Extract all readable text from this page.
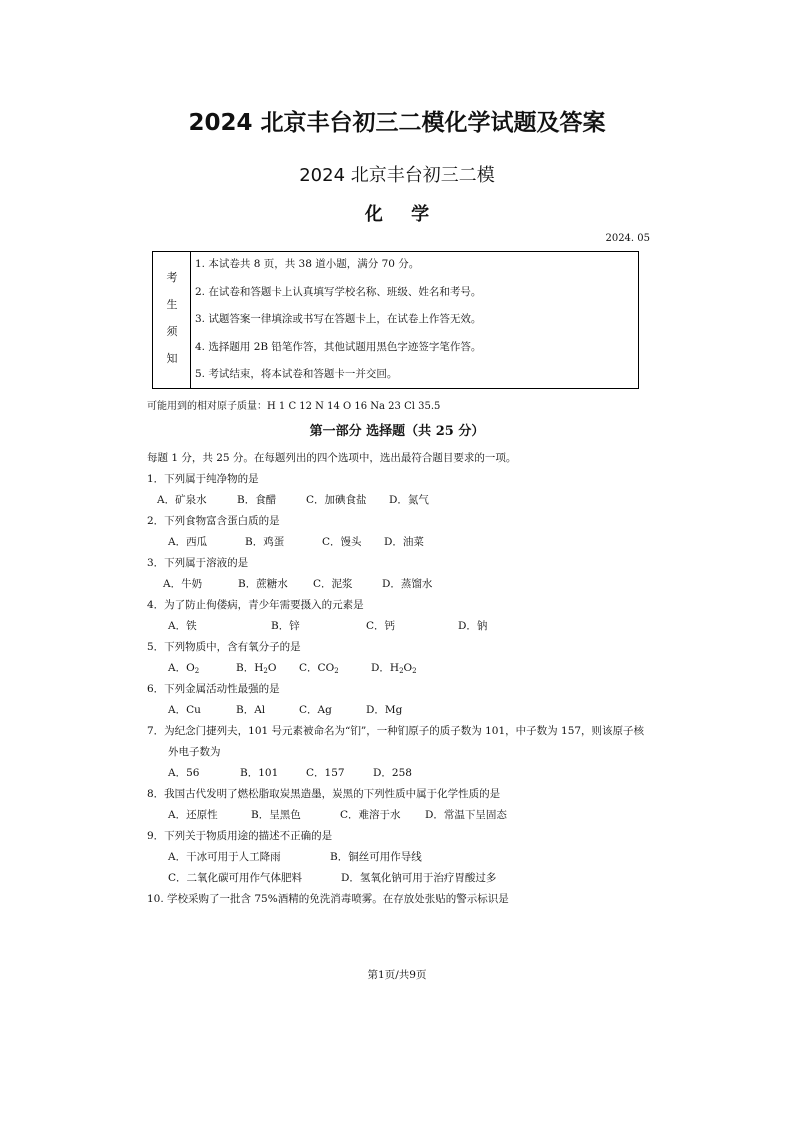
2024 北京丰台初三二模化学试题及答案
2024 北京丰台初三二模
化 学
2024. 05
考
生
须
知
1. 本试卷共 8 页，共 38 道小题，满分 70 分。
2. 在试卷和答题卡上认真填写学校名称、班级、姓名和考号。
3. 试题答案一律填涂或书写在答题卡上，在试卷上作答无效。
4. 选择题用 2B 铅笔作答，其他试题用黑色字迹签字笔作答。
5. 考试结束，将本试卷和答题卡一并交回。
可能用到的相对原子质量：H 1 C 12 N 14 O 16 Na 23 Cl 35.5
第一部分 选择题（共 25 分）
每题 1 分，共 25 分。在每题列出的四个选项中，选出最符合题目要求的一项。
1．下列属于纯净物的是
A．矿泉水	B．食醋	C．加碘食盐 D．氮气
2．下列食物富含蛋白质的是
A．西瓜	B．鸡蛋	C．馒头 D．油菜
3．下列属于溶液的是
A．牛奶	B．蔗糖水 C．泥浆	D．蒸馏水
4．为了防止佝偻病，青少年需要摄入的元素是
A．铁	B．锌	C．钙	D．钠
5．下列物质中，含有氧分子的是
A．$O_2$	B．$H_2O$ C．$CO_2$	D．$H_2O_2$
6．下列金属活动性最强的是
A．Cu	B．Al	C．Ag	D．Mg
7．为纪念门捷列夫，101 号元素被命名为“钔”，一种钔原子的质子数为 101，中子数为 157，则该原子核
外电子数为
A．56	B．101	C．157	D．258
8．我国古代发明了燃松脂取炭黑造墨，炭黑的下列性质中属于化学性质的是
A．还原性	B．呈黑色	C．难溶于水 D．常温下呈固态
9．下列关于物质用途的描述不正确的是
A．干冰可用于人工降雨	B．铜丝可用作导线
C．二氧化碳可用作气体肥料	D．氢氧化钠可用于治疗胃酸过多
10. 学校采购了一批含 75%酒精的免洗消毒喷雾。在存放处张贴的警示标识是
第1页/共9页
